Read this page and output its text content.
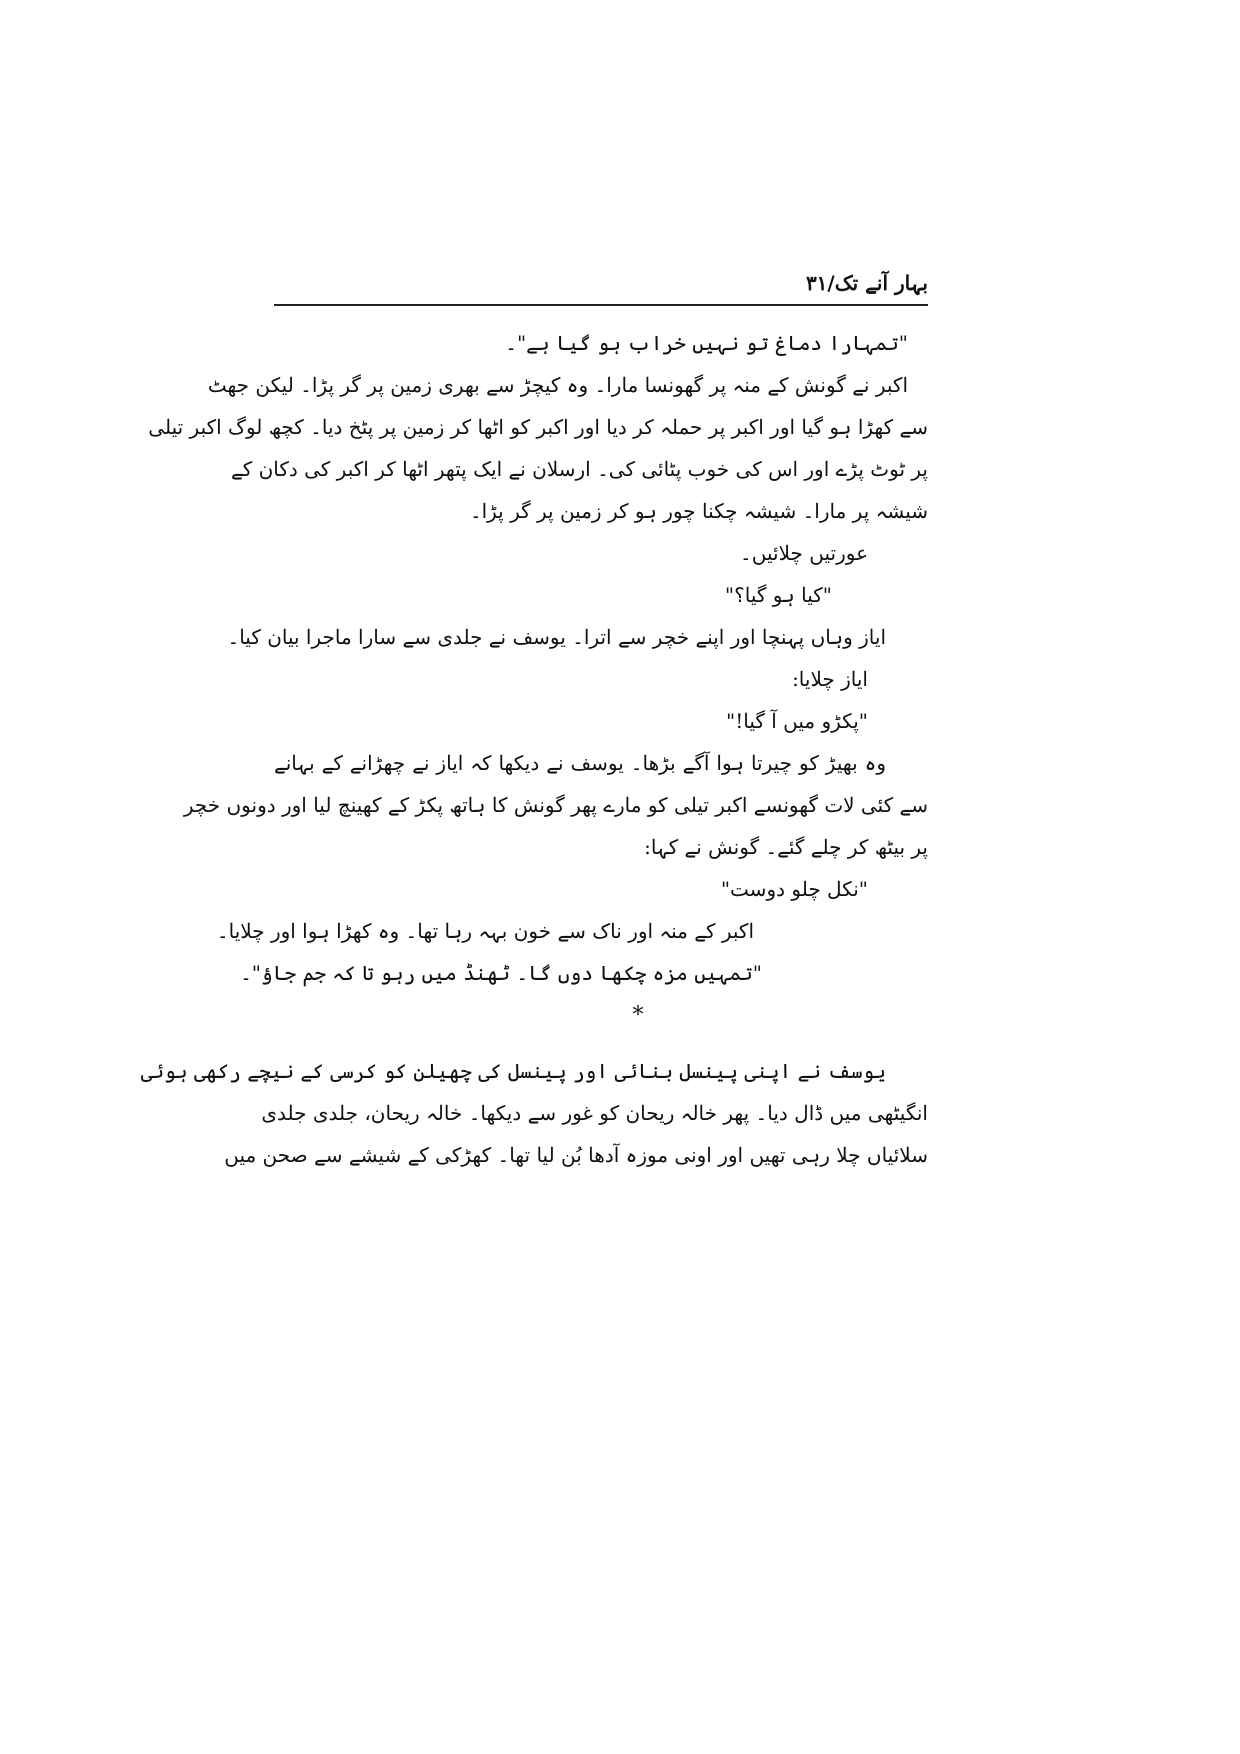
بہار آنے تک/۳۱
"تمہارا دماغ تو نہیں خراب ہو گیا ہے"۔
اکبر نے گونش کے منہ پر گھونسا مارا۔ وہ کیچڑ سے بھری زمین پر گر پڑا۔ لیکن جھٹ
سے کھڑا ہو گیا اور اکبر پر حملہ کر دیا اور اکبر کو اٹھا کر زمین پر پٹخ دیا۔ کچھ لوگ اکبر تیلی
پر ٹوٹ پڑے اور اس کی خوب پٹائی کی۔ ارسلان نے ایک پتھر اٹھا کر اکبر کی دکان کے
شیشہ پر مارا۔ شیشہ چکنا چور ہو کر زمین پر گر پڑا۔
عورتیں چلائیں۔
"کیا ہو گیا؟"
ایاز وہاں پہنچا اور اپنے خچر سے اترا۔ یوسف نے جلدی سے سارا ماجرا بیان کیا۔
ایاز چلایا:
"پکڑو میں آ گیا!"
وہ بھیڑ کو چیرتا ہوا آگے بڑھا۔ یوسف نے دیکھا کہ ایاز نے چھڑانے کے بہانے
سے کئی لات گھونسے اکبر تیلی کو مارے پھر گونش کا ہاتھ پکڑ کے کھینچ لیا اور دونوں خچر
پر بیٹھ کر چلے گئے۔ گونش نے کہا:
"نکل چلو دوست"
اکبر کے منہ اور ناک سے خون بہہ رہا تھا۔ وہ کھڑا ہوا اور چلایا۔
"تمہیں مزہ چکھا دوں گا۔ ٹھنڈ میں رہو تا کہ جم جاؤ"۔
*
یوسف نے اپنی پینسل بنائی اور پینسل کی چھیلن کو کرسی کے نیچے رکھی ہوئی
انگیٹھی میں ڈال دیا۔ پھر خالہ ریحان کو غور سے دیکھا۔ خالہ ریحان، جلدی جلدی
سلائیاں چلا رہی تھیں اور اونی موزہ آدھا بُن لیا تھا۔ کھڑکی کے شیشے سے صحن میں
